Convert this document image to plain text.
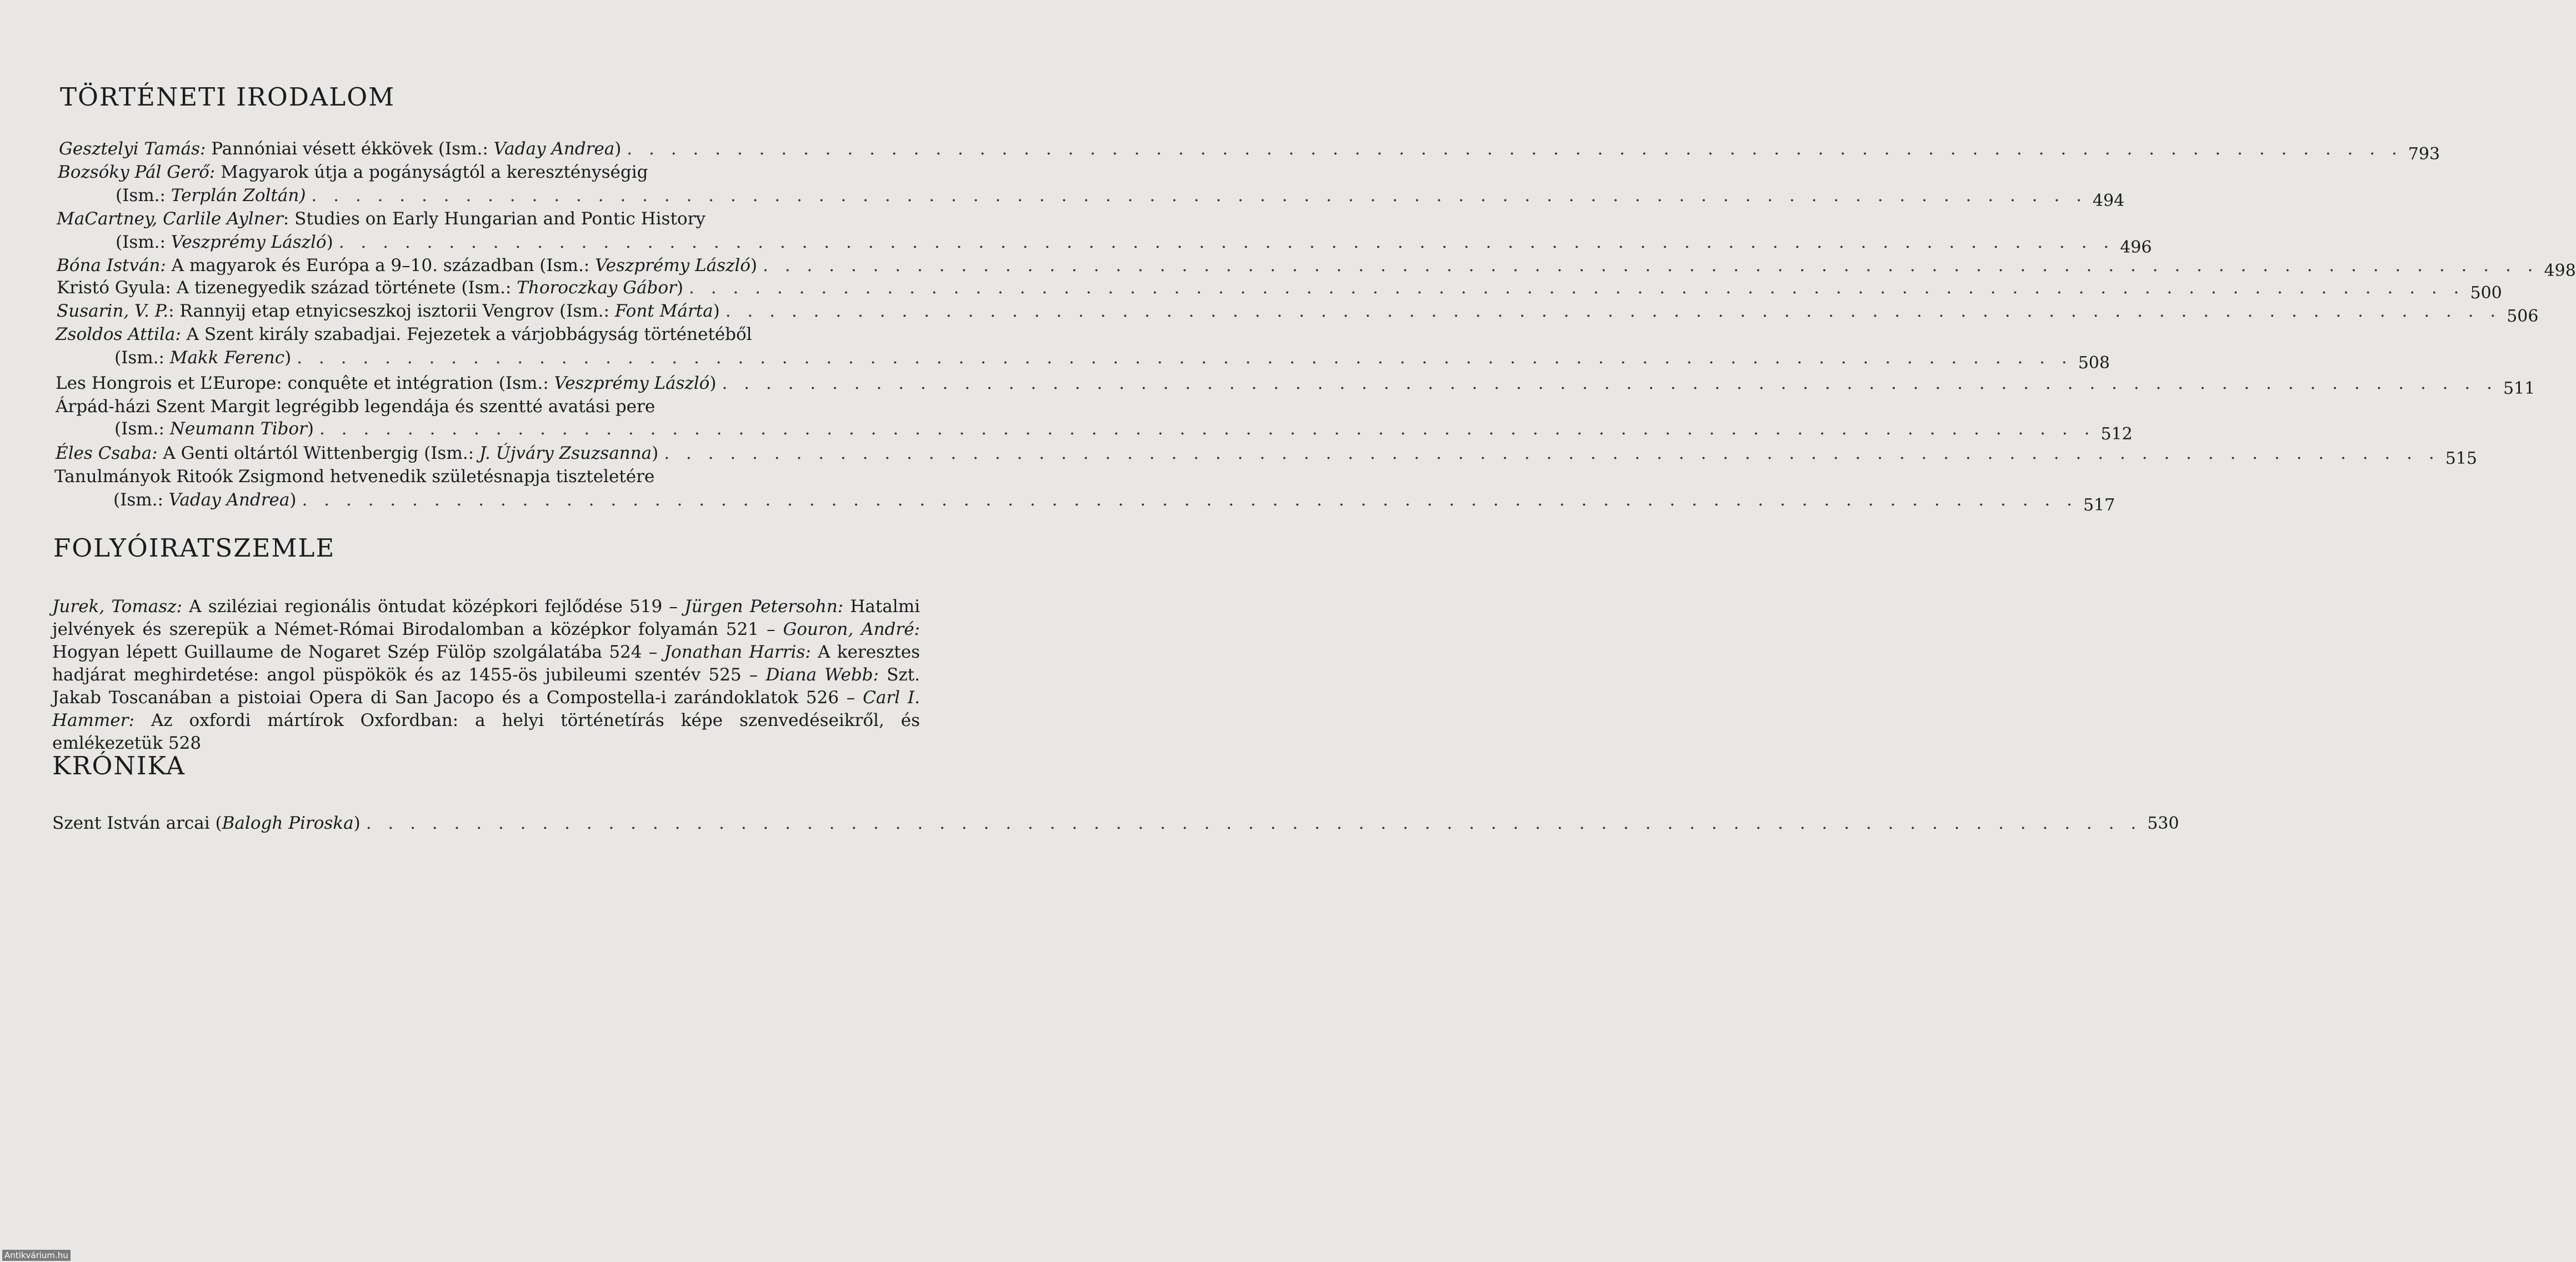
TÖRTÉNETI IRODALOM
Gesztelyi Tamás: Pannóniai vésett ékkövek (Ism.: Vaday Andrea) . . . . . . . . . . . . . . . . . . . . . . . . . . . . . . . . . . . . . . . . . . . . . . . . . . . . . . . . . . . . . . . . . . . . . . . . . . . . . . . . . 793
Bozsóky Pál Gerő: Magyarok útja a pogányságtól a kereszténységig
(Ism.: Terplán Zoltán) . . . . . . . . . . . . . . . . . . . . . . . . . . . . . . . . . . . . . . . . . . . . . . . . . . . . . . . . . . . . . . . . . . . . . . . . . . . . . . . . . 494
MaCartney, Carlile Aylner: Studies on Early Hungarian and Pontic History
(Ism.: Veszprémy László) . . . . . . . . . . . . . . . . . . . . . . . . . . . . . . . . . . . . . . . . . . . . . . . . . . . . . . . . . . . . . . . . . . . . . . . . . . . . . . . . . 496
Bóna István: A magyarok és Európa a 9–10. században (Ism.: Veszprémy László) . . . . . . . . . . . . . . . . . . . . . . . . . . . . . . . . . . . . . . . . . . . . . . . . . . . . . . . . . . . . . . . . . . . . . . . . . . . . . . . . . 498
Kristó Gyula: A tizenegyedik század története (Ism.: Thoroczkay Gábor) . . . . . . . . . . . . . . . . . . . . . . . . . . . . . . . . . . . . . . . . . . . . . . . . . . . . . . . . . . . . . . . . . . . . . . . . . . . . . . . . . 500
Susarin, V. P.: Rannyij etap etnyicseszkoj isztorii Vengrov (Ism.: Font Márta) . . . . . . . . . . . . . . . . . . . . . . . . . . . . . . . . . . . . . . . . . . . . . . . . . . . . . . . . . . . . . . . . . . . . . . . . . . . . . . . . . 506
Zsoldos Attila: A Szent király szabadjai. Fejezetek a várjobbágyság történetéből
(Ism.: Makk Ferenc) . . . . . . . . . . . . . . . . . . . . . . . . . . . . . . . . . . . . . . . . . . . . . . . . . . . . . . . . . . . . . . . . . . . . . . . . . . . . . . . . . 508
Les Hongrois et L’Europe: conquête et intégration (Ism.: Veszprémy László) . . . . . . . . . . . . . . . . . . . . . . . . . . . . . . . . . . . . . . . . . . . . . . . . . . . . . . . . . . . . . . . . . . . . . . . . . . . . . . . . . 511
Árpád-házi Szent Margit legrégibb legendája és szentté avatási pere
(Ism.: Neumann Tibor) . . . . . . . . . . . . . . . . . . . . . . . . . . . . . . . . . . . . . . . . . . . . . . . . . . . . . . . . . . . . . . . . . . . . . . . . . . . . . . . . . 512
Éles Csaba: A Genti oltártól Wittenbergig (Ism.: J. Újváry Zsuzsanna) . . . . . . . . . . . . . . . . . . . . . . . . . . . . . . . . . . . . . . . . . . . . . . . . . . . . . . . . . . . . . . . . . . . . . . . . . . . . . . . . . 515
Tanulmányok Ritoók Zsigmond hetvenedik születésnapja tiszteletére
(Ism.: Vaday Andrea) . . . . . . . . . . . . . . . . . . . . . . . . . . . . . . . . . . . . . . . . . . . . . . . . . . . . . . . . . . . . . . . . . . . . . . . . . . . . . . . . . 517
FOLYÓIRATSZEMLE
Jurek, Tomasz: A sziléziai regionális öntudat középkori fejlődése 519 – Jürgen Petersohn: Hatalmi jelvények és szerepük a Német-Római Birodalomban a középkor folyamán 521 – Gouron, André: Hogyan lépett Guillaume de Nogaret Szép Fülöp szolgálatába 524 – Jonathan Harris: A keresztes hadjárat meghirdetése: angol püspökök és az 1455-ös jubileumi szentév 525 – Diana Webb: Szt. Jakab Toscanában a pistoiai Opera di San Jacopo és a Compostella-i zarándoklatok 526 – Carl I. Hammer: Az oxfordi mártírok Oxfordban: a helyi történetírás képe szenvedéseikről, és emlékezetük 528
KRÓNIKA
Szent István arcai (Balogh Piroska) . . . . . . . . . . . . . . . . . . . . . . . . . . . . . . . . . . . . . . . . . . . . . . . . . . . . . . . . . . . . . . . . . . . . . . . . . . . . . . . . . 530
Antikvárium.hu
